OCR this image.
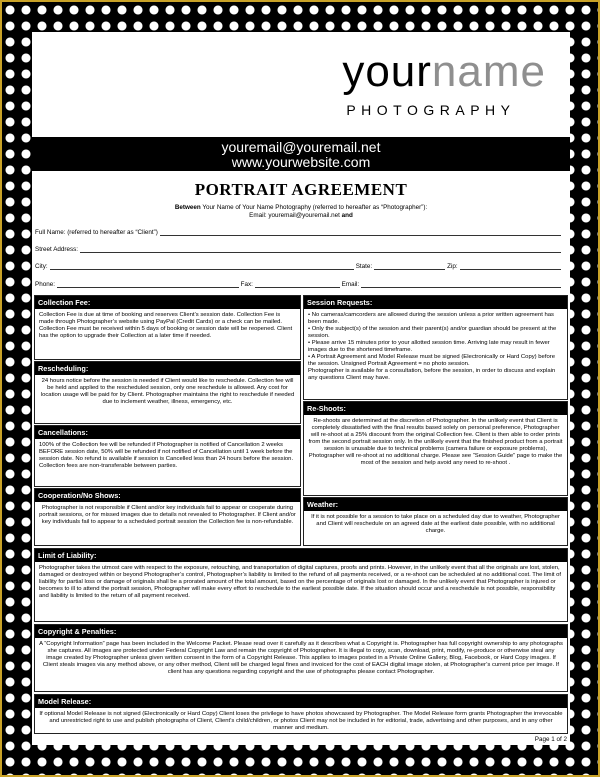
yourname
PHOTOGRAPHY
youremail@youremail.net
www.yourwebsite.com
PORTRAIT AGREEMENT
Between Your Name of Your Name Photography (referred to hereafter as “Photographer”):
Email: youremail@youremail.net and
Full Name: (referred to hereafter as “Client”)
Street Address:
City:	State:	Zip:
Phone:	Fax:	Email:
Collection Fee:
Collection Fee is due at time of booking and reserves Client’s session date. Collection Fee is made through Photographer’s website using PayPal (Credit Cards) or a check can be mailed. Collection Fee must be received within 5 days of booking or session date will be reopened. Client has the option to upgrade their Collection at a later time if needed.
Rescheduling:
24 hours notice before the session is needed if Client would like to reschedule. Collection fee will be held and applied to the rescheduled session, only one reschedule is allowed. Any cost for location usage will be paid for by Client. Photographer maintains the right to reschedule if needed due to inclement weather, illness, emergency, etc.
Cancellations:
100% of the Collection fee will be refunded if Photographer is notified of Cancellation 2 weeks BEFORE session date, 50% will be refunded if not notified of Cancellation until 1 week before the session date. No refund is available if session is Cancelled less than 24 hours before the session. Collection fees are non-transferable between parties.
Cooperation/No Shows:
Photographer is not responsible if Client and/or key individuals fail to appear or cooperate during portrait sessions, or for missed images due to details not revealed to Photographer. If Client and/or key individuals fail to appear to a scheduled portrait session the Collection fee is non-refundable.
Session Requests:
• No cameras/camcorders are allowed during the session unless a prior written agreement has been made.
• Only the subject(s) of the session and their parent(s) and/or guardian should be present at the session.
• Please arrive 15 minutes prior to your allotted session time. Arriving late may result in fewer images due to the shortened timeframe.
• A Portrait Agreement and Model Release must be signed (Electronically or Hard Copy) before the session. Unsigned Portrait Agreement = no photo session.
Photographer is available for a consultation, before the session, in order to discuss and explain any questions Client may have.
Re-Shoots:
Re-shoots are determined at the discretion of Photographer. In the unlikely event that Client is completely dissatisfied with the final results based solely on personal preference, Photographer will re-shoot at a 25% discount from the original Collection fee. Client is then able to order prints from the second portrait session only. In the unlikely event that the finished product from a portrait session is unusable due to technical problems (camera failure or exposure problems), Photographer will re-shoot at no additional charge. Please see “Session Guide” page to make the most of the session and help avoid any need to re-shoot .
Weather:
If it is not possible for a session to take place on a scheduled day due to weather, Photographer and Client will reschedule on an agreed date at the earliest date possible, with no additional charge.
Limit of Liability:
Photographer takes the utmost care with respect to the exposure, retouching, and transportation of digital captures, proofs and prints. However, in the unlikely event that all the originals are lost, stolen, damaged or destroyed within or beyond Photographer’s control, Photographer’s liability is limited to the refund of all payments received, or a re-shoot can be scheduled at no additional cost. The limit of liability for partial loss or damage of originals shall be a prorated amount of the total amount, based on the percentage of originals lost or damaged. In the unlikely event that Photographer is injured or becomes to ill to attend the portrait session, Photographer will make every effort to reschedule to the earliest possible date. If the situation should occur and a reschedule is not possible, responsibility and liability is limited to the return of all payment received.
Copyright & Penalties:
A “Copyright Information” page has been included in the Welcome Packet. Please read over it carefully as it describes what a Copyright is. Photographer has full copyright ownership to any photographs she captures. All images are protected under Federal Copyright Law and remain the copyright of Photographer. It is illegal to copy, scan, download, print, modify, re-produce or otherwise steal any image created by Photographer unless given written consent in the form of a Copyright Release. This applies to images posted in a Private Online Gallery, Blog, Facebook, or Hard Copy images. If Client steals images via any method above, or any other method, Client will be charged legal fines and invoiced for the cost of EACH digital image stolen, at Photographer’s current price per image. If client has any questions regarding copyright and the use of photographs please contact Photographer.
Model Release:
If optional Model Release is not signed (Electronically or Hard Copy) Client loses the privilege to have photos showcased by Photographer. The Model Release form grants Photographer the irrevocable and unrestricted right to use and publish photographs of Client, Client’s child/children, or photos Client may not be included in for editorial, trade, advertising and other purposes, and in any other manner and medium.
Page 1 of 2
